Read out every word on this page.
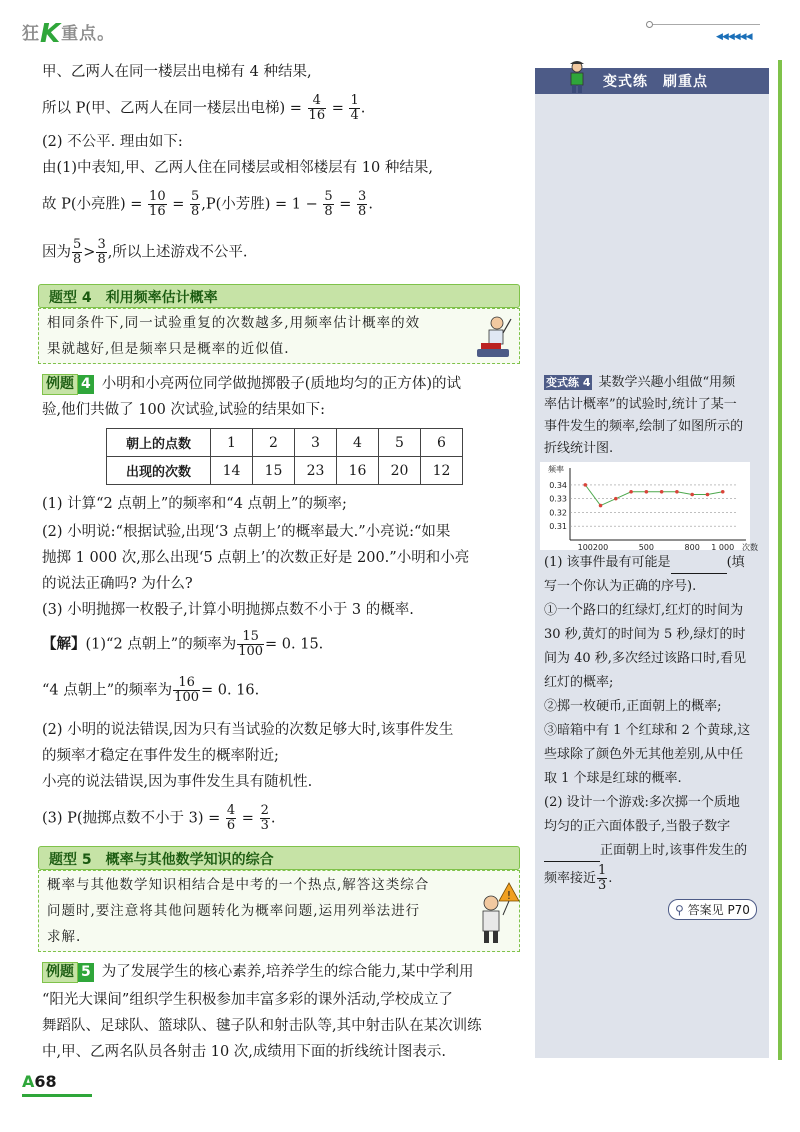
狂K重点。	◀◀◀◀◀◀
变式练　刷重点

甲、乙两人在同一楼层出电梯有 4 种结果,

所以 P(甲、乙两人在同一楼层出电梯) = $\frac{4}{16} = \frac{1}{4}$ .

(2) 不公平. 理由如下:

由(1)中表知,甲、乙两人住在同楼层或相邻楼层有 10 种结果,

故 P(小亮胜) = $\frac{10}{16} = \frac{5}{8} ,P$(小芳胜) = $1 - \frac{5}{8} = \frac{3}{8}$ .

因为 $\frac{5}{8} > \frac{3}{8}$ ,所以上述游戏不公平.

题型 4　利用频率估计概率
相同条件下,同一试验重复的次数越多,用频率估计概率的效
果就越好,但是频率只是概率的近似值.

例题 4 小明和小亮两位同学做抛掷骰子(质地均匀的正方体)的试

验,他们共做了 100 次试验,试验的结果如下:

朝上的点数	1	2	3	4	5	6
出现的次数	14	15	23	16	20	12

(1) 计算“2 点朝上”的频率和“4 点朝上”的频率;

(2) 小明说:“根据试验,出现‘3 点朝上’的概率最大.”小亮说:“如果

抛掷 1 000 次,那么出现‘5 点朝上’的次数正好是 200.”小明和小亮

的说法正确吗? 为什么?

(3) 小明抛掷一枚骰子,计算小明抛掷点数不小于 3 的概率.

【解】(1)“2 点朝上”的频率为 $\frac{15}{100} = 0$. 15.

“4 点朝上”的频率为 $\frac{16}{100} = 0$. 16.

(2) 小明的说法错误,因为只有当试验的次数足够大时,该事件发生

的频率才稳定在事件发生的概率附近;

小亮的说法错误,因为事件发生具有随机性.

(3) P(抛掷点数不小于 $3) = \frac{4}{6} = \frac{2}{3}$ .

题型 5　概率与其他数学知识的综合
概率与其他数学知识相结合是中考的一个热点,解答这类综合
问题时,要注意将其他问题转化为概率问题,运用列举法进行
求解.
!

例题 5 为了发展学生的核心素养,培养学生的综合能力,某中学利用

“阳光大课间”组织学生积极参加丰富多彩的课外活动,学校成立了

舞蹈队、足球队、篮球队、毽子队和射击队等,其中射击队在某次训练

中,甲、乙两名队员各射击 10 次,成绩用下面的折线统计图表示.

变式练 4 某数学兴趣小组做“用频

率估计概率”的试验时,统计了某一

事件发生的频率,绘制了如图所示的

折线统计图.

0.34
0.33
0.32
0.31
频率
100 200	500	800 1 000 次数

(1) 该事件最有可能是	(填

写一个你认为正确的序号).

①一个路口的红绿灯,红灯的时间为

30 秒,黄灯的时间为 5 秒,绿灯的时

间为 40 秒,多次经过该路口时,看见

红灯的概率;

②掷一枚硬币,正面朝上的概率;

③暗箱中有 1 个红球和 2 个黄球,这

些球除了颜色外无其他差别,从中任

取 1 个球是红球的概率.

(2) 设计一个游戏:多次掷一个质地

均匀的正六面体骰子,当骰子数字

正面朝上时,该事件发生的

频率接近 $\frac{1}{3}$ .

⚲ 答案见 P70
A68
